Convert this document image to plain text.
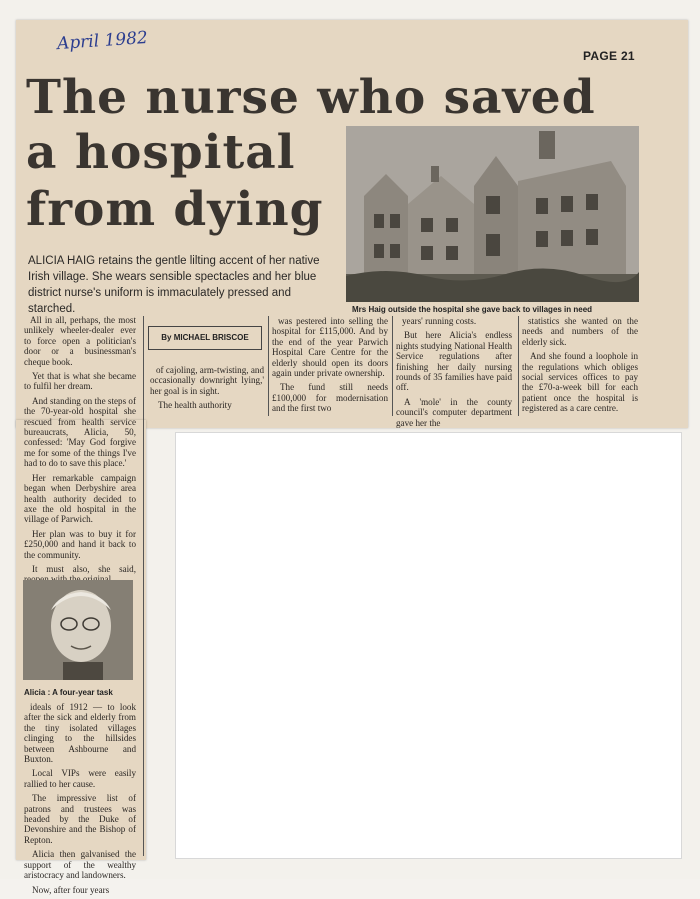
April 1982
PAGE 21
The nurse who saved
a hospital
from dying
Mrs Haig outside the hospital she gave back to villages in need
ALICIA HAIG retains the gentle lilting accent of her native Irish village. She wears sensible spectacles and her blue district nurse's uniform is immaculately pressed and starched.
By MICHAEL BRISCOE

All in all, perhaps, the most unlikely wheeler-dealer ever to force open a politician's door or a businessman's cheque book.

Yet that is what she became to fulfil her dream.

And standing on the steps of the 70-year-old hospital she rescued from health service bureaucrats, Alicia, 50, confessed: 'May God forgive me for some of the things I've had to do to save this place.'

Her remarkable campaign began when Derbyshire area health authority decided to axe the old hospital in the village of Parwich.

Her plan was to buy it for £250,000 and hand it back to the community.

It must also, she said,

Alicia : A four-year task

ideals of 1912 — to look after the sick and elderly from the tiny isolated villages clinging to the hillsides between Ashbourne and Buxton.

Local VIPs were easily rallied to her cause.

The impressive list of patrons and trustees was headed by the Duke of Devonshire and the Bishop of Repton.

Alicia then galvanised the support of the wealthy aristocracy and landowners.

Now, after four years

of cajoling, arm-twisting, and occasionally downright lying,' her goal is in sight.

The health authority

was pestered into selling the hospital for £115,000. And by the end of the year Parwich Hospital Care Centre for the elderly should open its doors again under private ownership.

The fund still needs £100,000 for modernisation and the first two

years' running costs.

But here Alicia's endless nights studying National Health Service regulations after finishing her daily nursing rounds of 35 families have paid off.

A 'mole' in the county council's computer department gave her the

statistics she wanted on the needs and numbers of the elderly sick.

And she found a loophole in the regulations which obliges social services offices to pay the £70-a-week bill for each patient once the hospital is registered as a care centre.
